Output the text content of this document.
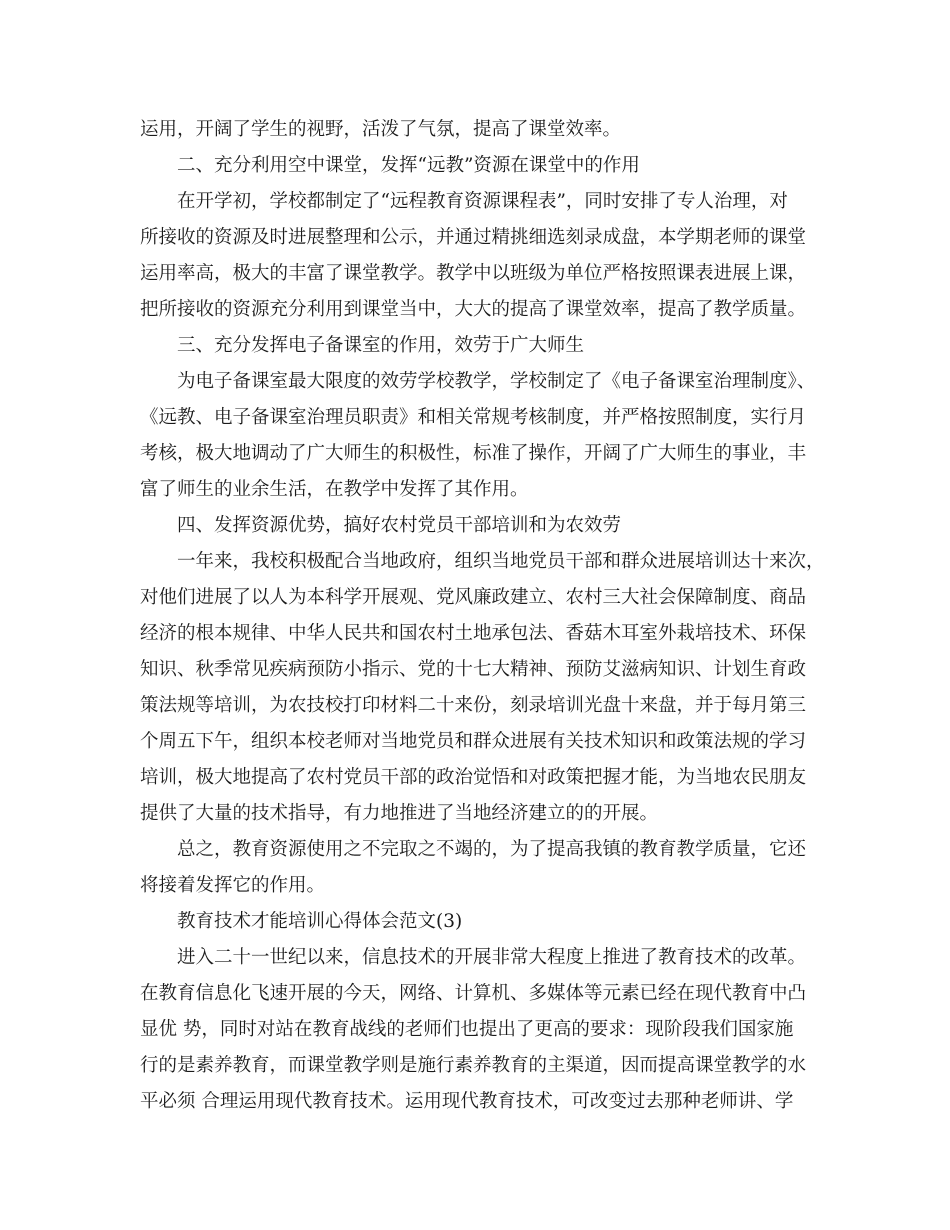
运用，开阔了学生的视野，活泼了气氛，提高了课堂效率。
二、充分利用空中课堂，发挥“远教”资源在课堂中的作用
在开学初，学校都制定了“远程教育资源课程表”，同时安排了专人治理，对
所接收的资源及时进展整理和公示，并通过精挑细选刻录成盘，本学期老师的课堂
运用率高，极大的丰富了课堂教学。教学中以班级为单位严格按照课表进展上课，
把所接收的资源充分利用到课堂当中，大大的提高了课堂效率，提高了教学质量。
三、充分发挥电子备课室的作用，效劳于广大师生
为电子备课室最大限度的效劳学校教学，学校制定了《电子备课室治理制度》、
《远教、电子备课室治理员职责》和相关常规考核制度，并严格按照制度，实行月
考核，极大地调动了广大师生的积极性，标准了操作，开阔了广大师生的事业，丰
富了师生的业余生活，在教学中发挥了其作用。
四、发挥资源优势，搞好农村党员干部培训和为农效劳
一年来，我校积极配合当地政府，组织当地党员干部和群众进展培训达十来次，
对他们进展了以人为本科学开展观、党风廉政建立、农村三大社会保障制度、商品
经济的根本规律、中华人民共和国农村土地承包法、香菇木耳室外栽培技术、环保
知识、秋季常见疾病预防小指示、党的十七大精神、预防艾滋病知识、计划生育政
策法规等培训，为农技校打印材料二十来份，刻录培训光盘十来盘，并于每月第三
个周五下午，组织本校老师对当地党员和群众进展有关技术知识和政策法规的学习
培训，极大地提高了农村党员干部的政治觉悟和对政策把握才能，为当地农民朋友
提供了大量的技术指导，有力地推进了当地经济建立的的开展。
总之，教育资源使用之不完取之不竭的，为了提高我镇的教育教学质量，它还
将接着发挥它的作用。
教育技术才能培训心得体会范文(3)
进入二十一世纪以来，信息技术的开展非常大程度上推进了教育技术的改革。
在教育信息化飞速开展的今天，网络、计算机、多媒体等元素已经在现代教育中凸
显优 势，同时对站在教育战线的老师们也提出了更高的要求：现阶段我们国家施
行的是素养教育，而课堂教学则是施行素养教育的主渠道，因而提高课堂教学的水
平必须 合理运用现代教育技术。运用现代教育技术，可改变过去那种老师讲、学
